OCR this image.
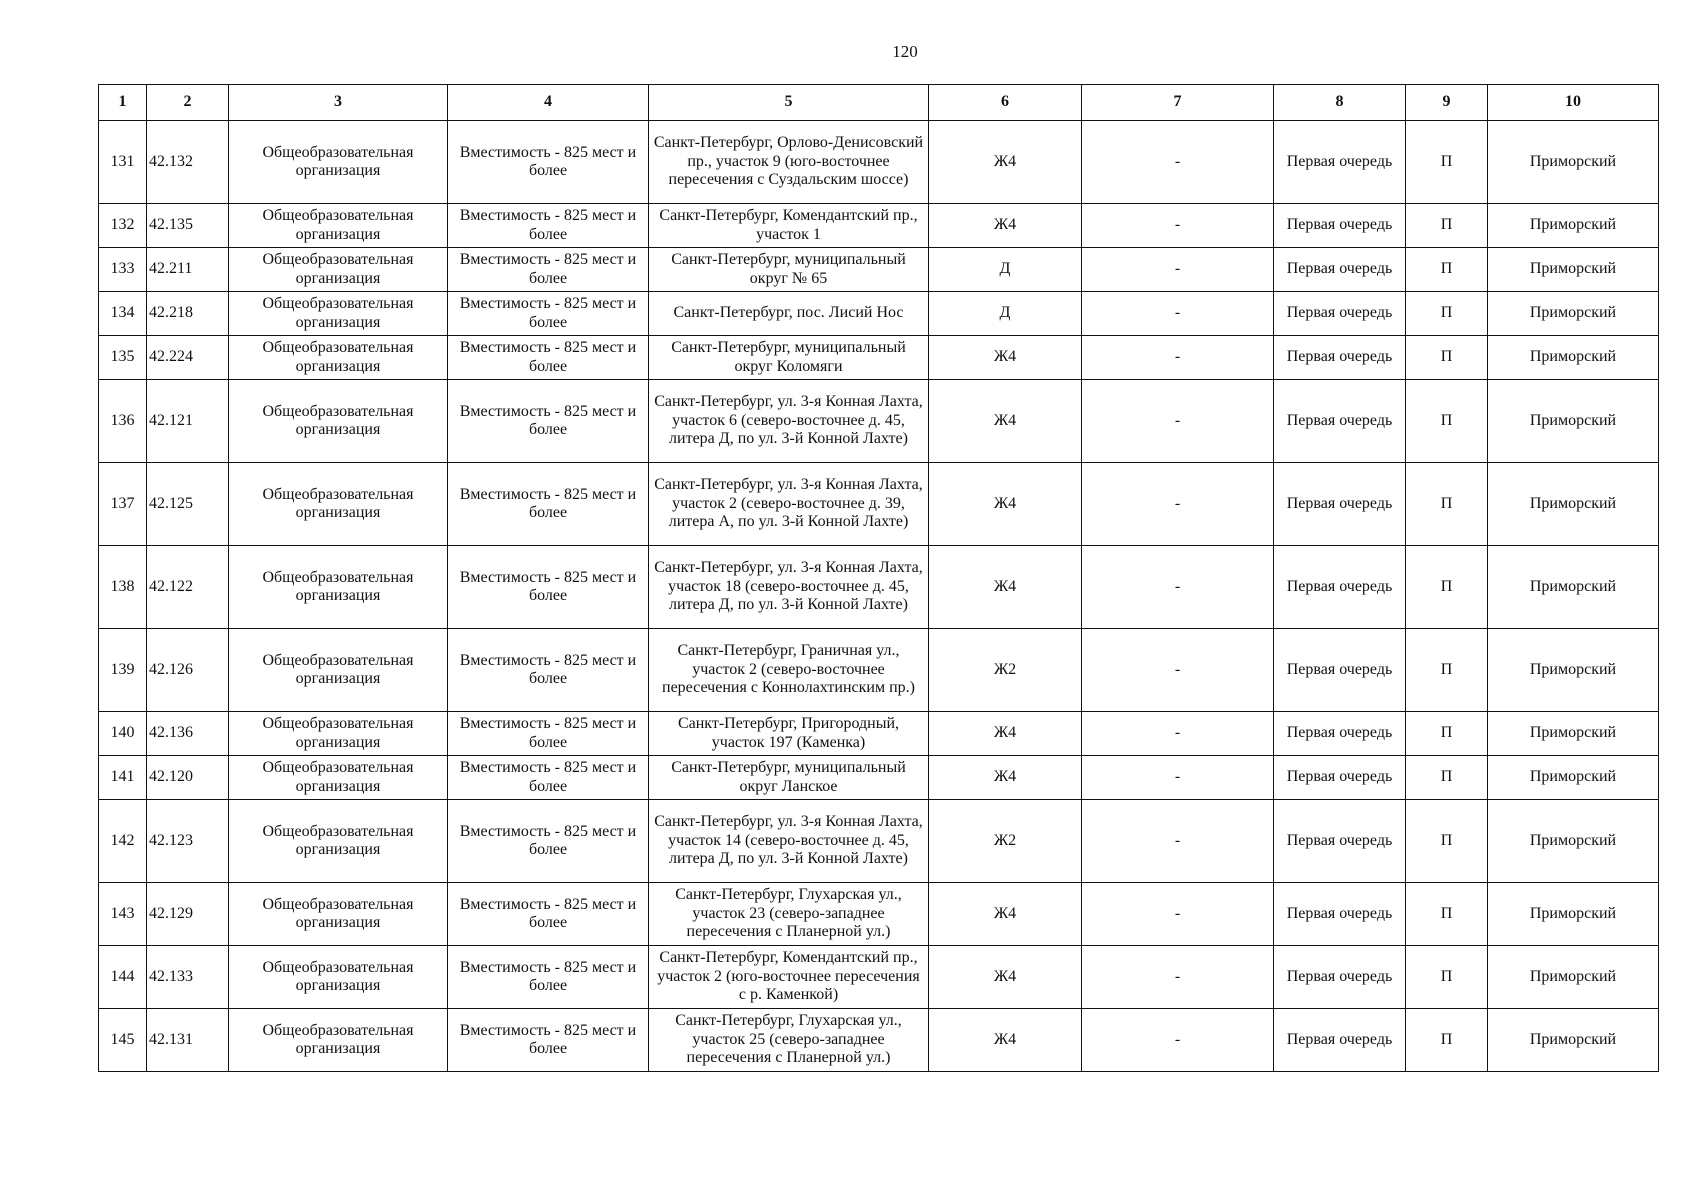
120
1	2	3	4	5	6	7	8	9	10
131	42.132	Общеобразовательная организация	Вместимость - 825 мест и более	Санкт-Петербург, Орлово-Денисовский пр., участок 9 (юго-восточнее пересечения с Суздальским шоссе)	Ж4	-	Первая очередь	П	Приморский
132	42.135	Общеобразовательная организация	Вместимость - 825 мест и более	Санкт-Петербург, Комендантский пр., участок 1	Ж4	-	Первая очередь	П	Приморский
133	42.211	Общеобразовательная организация	Вместимость - 825 мест и более	Санкт-Петербург, муниципальный округ № 65	Д	-	Первая очередь	П	Приморский
134	42.218	Общеобразовательная организация	Вместимость - 825 мест и более	Санкт-Петербург, пос. Лисий Нос	Д	-	Первая очередь	П	Приморский
135	42.224	Общеобразовательная организация	Вместимость - 825 мест и более	Санкт-Петербург, муниципальный округ Коломяги	Ж4	-	Первая очередь	П	Приморский
136	42.121	Общеобразовательная организация	Вместимость - 825 мест и более	Санкт-Петербург, ул. 3-я Конная Лахта, участок 6 (северо-восточнее д. 45, литера Д, по ул. 3-й Конной Лахте)	Ж4	-	Первая очередь	П	Приморский
137	42.125	Общеобразовательная организация	Вместимость - 825 мест и более	Санкт-Петербург, ул. 3-я Конная Лахта, участок 2 (северо-восточнее д. 39, литера А, по ул. 3-й Конной Лахте)	Ж4	-	Первая очередь	П	Приморский
138	42.122	Общеобразовательная организация	Вместимость - 825 мест и более	Санкт-Петербург, ул. 3-я Конная Лахта, участок 18 (северо-восточнее д. 45, литера Д, по ул. 3-й Конной Лахте)	Ж4	-	Первая очередь	П	Приморский
139	42.126	Общеобразовательная организация	Вместимость - 825 мест и более	Санкт-Петербург, Граничная ул., участок 2 (северо-восточнее пересечения с Коннолахтинским пр.)	Ж2	-	Первая очередь	П	Приморский
140	42.136	Общеобразовательная организация	Вместимость - 825 мест и более	Санкт-Петербург, Пригородный, участок 197 (Каменка)	Ж4	-	Первая очередь	П	Приморский
141	42.120	Общеобразовательная организация	Вместимость - 825 мест и более	Санкт-Петербург, муниципальный округ Ланское	Ж4	-	Первая очередь	П	Приморский
142	42.123	Общеобразовательная организация	Вместимость - 825 мест и более	Санкт-Петербург, ул. 3-я Конная Лахта, участок 14 (северо-восточнее д. 45, литера Д, по ул. 3-й Конной Лахте)	Ж2	-	Первая очередь	П	Приморский
143	42.129	Общеобразовательная организация	Вместимость - 825 мест и более	Санкт-Петербург, Глухарская ул., участок 23 (северо-западнее пересечения с Планерной ул.)	Ж4	-	Первая очередь	П	Приморский
144	42.133	Общеобразовательная организация	Вместимость - 825 мест и более	Санкт-Петербург, Комендантский пр., участок 2 (юго-восточнее пересечения с р. Каменкой)	Ж4	-	Первая очередь	П	Приморский
145	42.131	Общеобразовательная организация	Вместимость - 825 мест и более	Санкт-Петербург, Глухарская ул., участок 25 (северо-западнее пересечения с Планерной ул.)	Ж4	-	Первая очередь	П	Приморский
